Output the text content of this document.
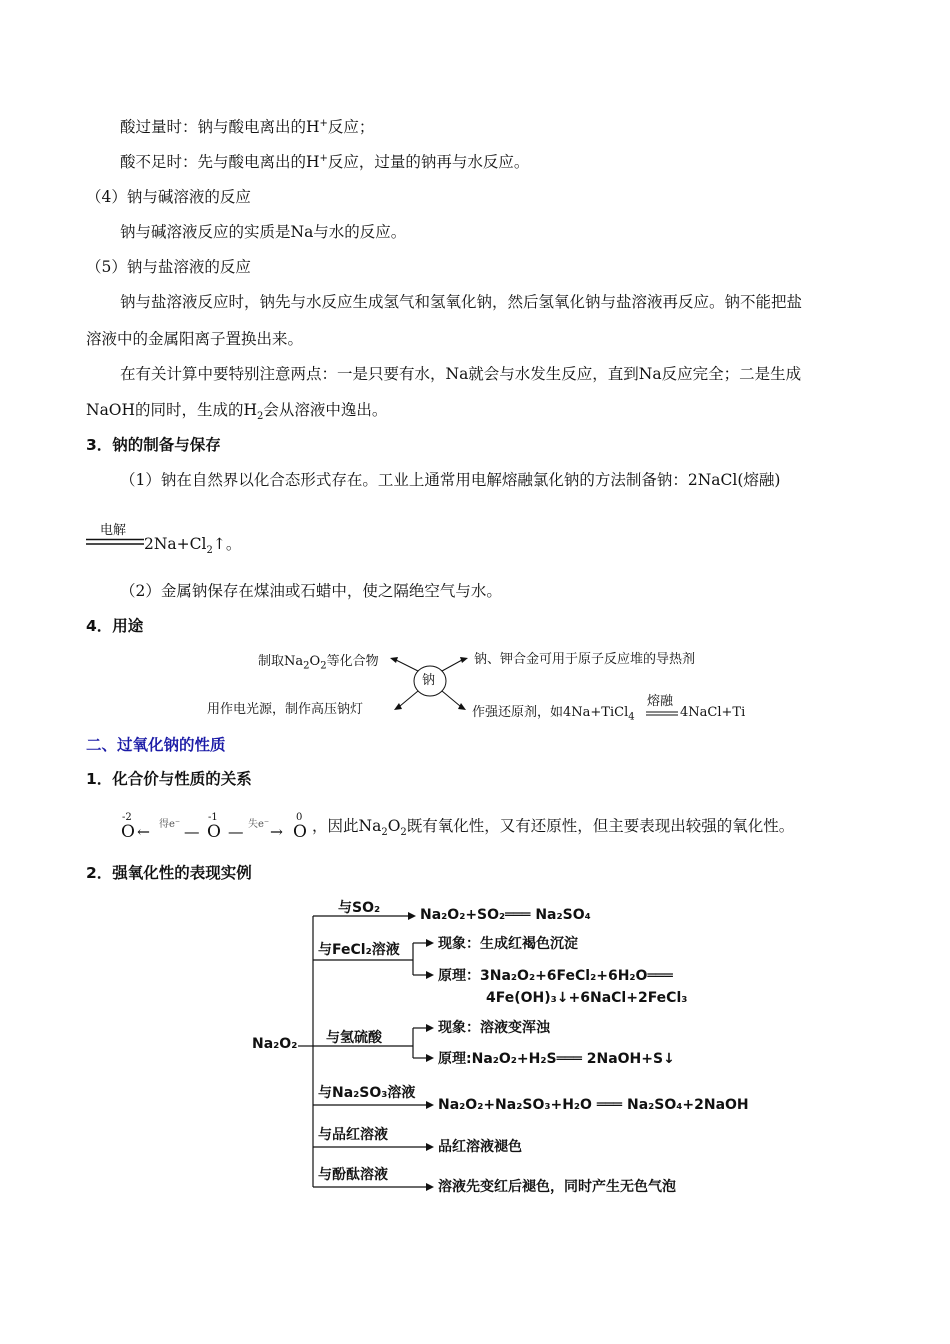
酸过量时：钠与酸电离出的H+反应；
酸不足时：先与酸电离出的H+反应，过量的钠再与水反应。
（4）钠与碱溶液的反应
钠与碱溶液反应的实质是Na与水的反应。
（5）钠与盐溶液的反应
钠与盐溶液反应时，钠先与水反应生成氢气和氢氧化钠，然后氢氧化钠与盐溶液再反应。钠不能把盐
溶液中的金属阳离子置换出来。
在有关计算中要特别注意两点：一是只要有水，Na就会与水发生反应，直到Na反应完全；二是生成
NaOH的同时，生成的$H_2$会从溶液中逸出。
3．钠的制备与保存
（1）钠在自然界以化合态形式存在。工业上通常用电解熔融氯化钠的方法制备钠：2NaCl(熔融)
电解
$2Na+Cl_2↑$。
（2）金属钠保存在煤油或石蜡中，使之隔绝空气与水。
4．用途
钠
制取$Na_2O_2$等化合物	钠、钾合金可用于原子反应堆的导热剂
用作电光源，制作高压钠灯	作强还原剂，如4Na+TiCl$_4$
熔融
4NaCl+Ti
二、过氧化钠的性质
1．化合价与性质的关系
-2
O ← 得e⁻ —
-1
O — 失e⁻ →
0
O ，因此$Na_2O_2$既有氧化性，又有还原性，但主要表现出较强的氧化性。
2．强氧化性的表现实例
Na₂O₂
与SO₂	Na₂O₂+SO₂═══ Na₂SO₄
与FeCl₂溶液	现象：生成红褐色沉淀
原理：3Na₂O₂+6FeCl₂+6H₂O═══
4Fe(OH)₃↓+6NaCl+2FeCl₃
与氢硫酸
现象：溶液变浑浊
原理:Na₂O₂+H₂S═══ 2NaOH+S↓
与Na₂SO₃溶液
Na₂O₂+Na₂SO₃+H₂O ═══ Na₂SO₄+2NaOH
与品红溶液
品红溶液褪色
与酚酞溶液
溶液先变红后褪色，同时产生无色气泡
